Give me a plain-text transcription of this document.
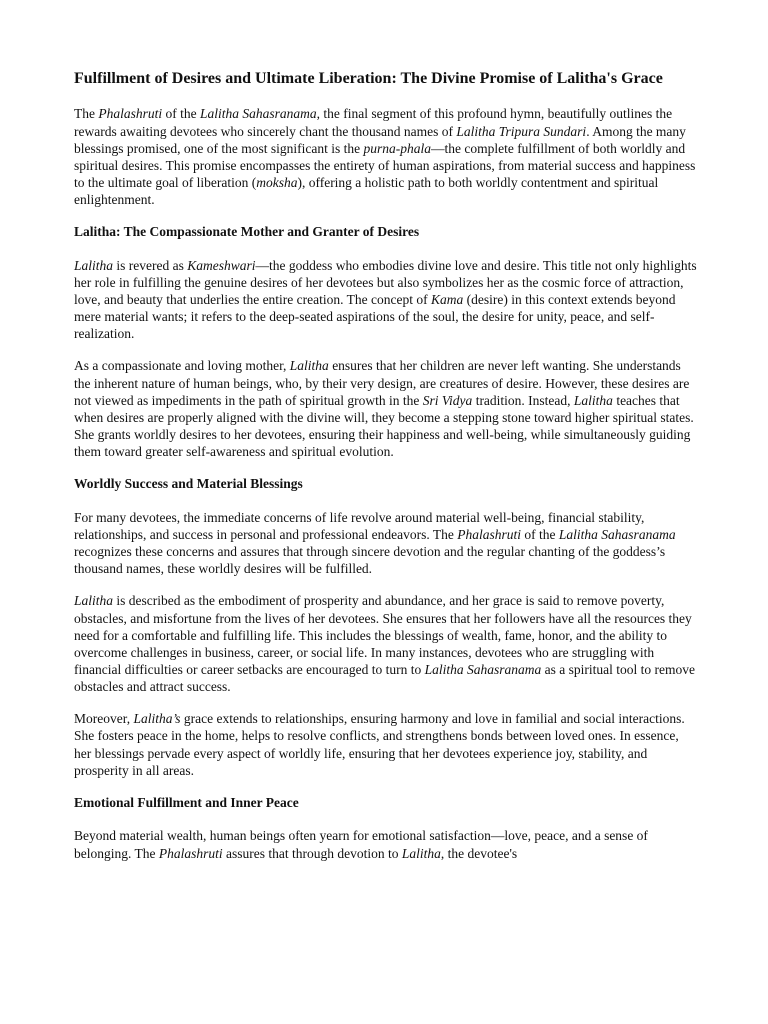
Fulfillment of Desires and Ultimate Liberation: The Divine Promise of Lalitha's Grace

The Phalashruti of the Lalitha Sahasranama, the final segment of this profound hymn, beautifully outlines the rewards awaiting devotees who sincerely chant the thousand names of Lalitha Tripura Sundari. Among the many blessings promised, one of the most significant is the purna-phala—the complete fulfillment of both worldly and spiritual desires. This promise encompasses the entirety of human aspirations, from material success and happiness to the ultimate goal of liberation (moksha), offering a holistic path to both worldly contentment and spiritual enlightenment.

Lalitha: The Compassionate Mother and Granter of Desires

Lalitha is revered as Kameshwari—the goddess who embodies divine love and desire. This title not only highlights her role in fulfilling the genuine desires of her devotees but also symbolizes her as the cosmic force of attraction, love, and beauty that underlies the entire creation. The concept of Kama (desire) in this context extends beyond mere material wants; it refers to the deep-seated aspirations of the soul, the desire for unity, peace, and self-realization.

As a compassionate and loving mother, Lalitha ensures that her children are never left wanting. She understands the inherent nature of human beings, who, by their very design, are creatures of desire. However, these desires are not viewed as impediments in the path of spiritual growth in the Sri Vidya tradition. Instead, Lalitha teaches that when desires are properly aligned with the divine will, they become a stepping stone toward higher spiritual states. She grants worldly desires to her devotees, ensuring their happiness and well-being, while simultaneously guiding them toward greater self-awareness and spiritual evolution.

Worldly Success and Material Blessings

For many devotees, the immediate concerns of life revolve around material well-being, financial stability, relationships, and success in personal and professional endeavors. The Phalashruti of the Lalitha Sahasranama recognizes these concerns and assures that through sincere devotion and the regular chanting of the goddess’s thousand names, these worldly desires will be fulfilled.

Lalitha is described as the embodiment of prosperity and abundance, and her grace is said to remove poverty, obstacles, and misfortune from the lives of her devotees. She ensures that her followers have all the resources they need for a comfortable and fulfilling life. This includes the blessings of wealth, fame, honor, and the ability to overcome challenges in business, career, or social life. In many instances, devotees who are struggling with financial difficulties or career setbacks are encouraged to turn to Lalitha Sahasranama as a spiritual tool to remove obstacles and attract success.

Moreover, Lalitha’s grace extends to relationships, ensuring harmony and love in familial and social interactions. She fosters peace in the home, helps to resolve conflicts, and strengthens bonds between loved ones. In essence, her blessings pervade every aspect of worldly life, ensuring that her devotees experience joy, stability, and prosperity in all areas.

Emotional Fulfillment and Inner Peace

Beyond material wealth, human beings often yearn for emotional satisfaction—love, peace, and a sense of belonging. The Phalashruti assures that through devotion to Lalitha, the devotee's
